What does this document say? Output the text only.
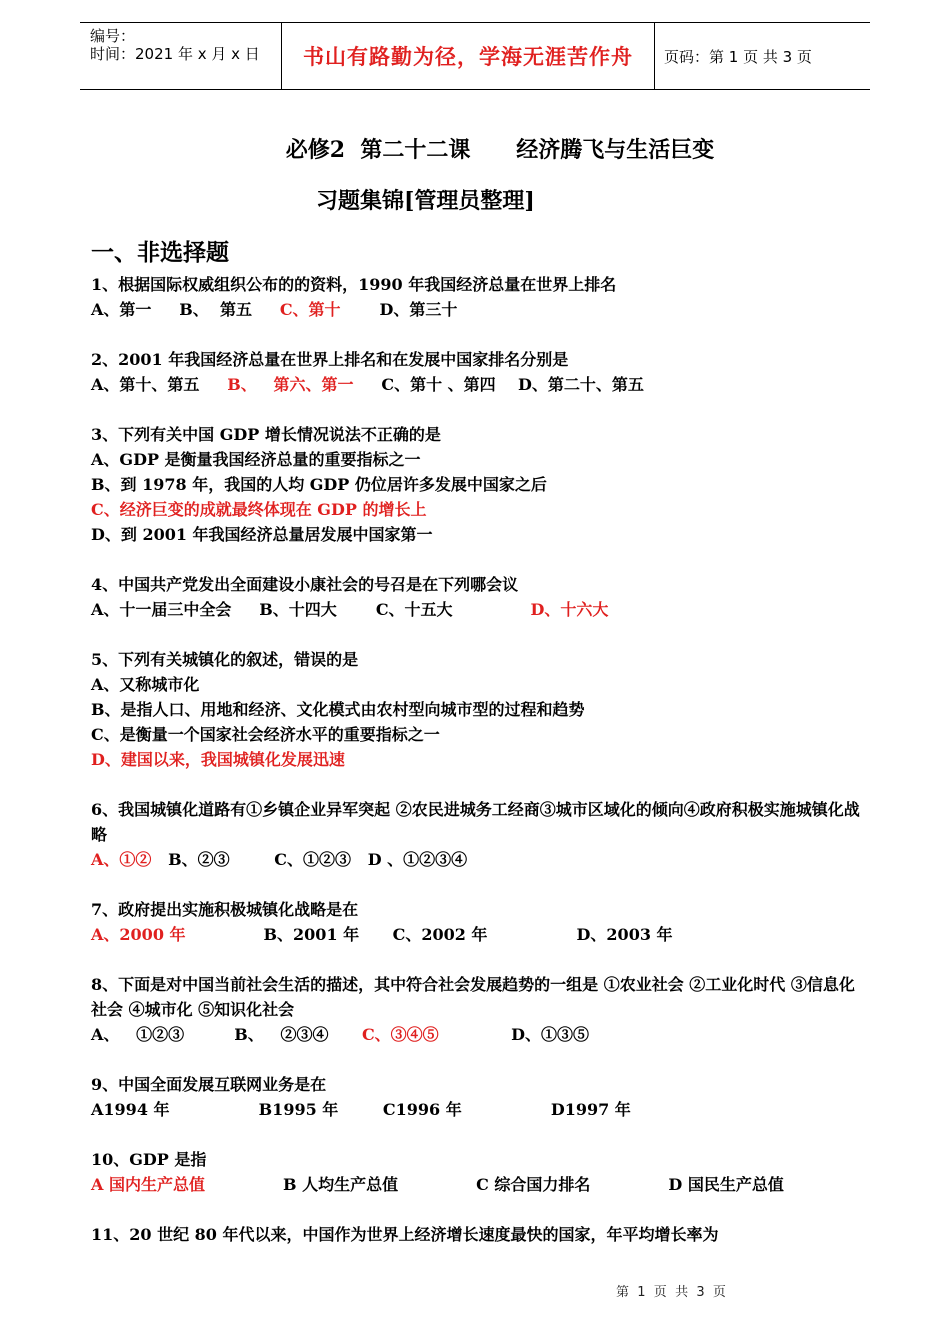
编号：
时间：2021 年 x 月 x 日	书山有路勤为径，学海无涯苦作舟 页码：第 1 页 共 3 页
必修2  第二十二课      经济腾飞与生活巨变
习题集锦[管理员整理]
一、非选择题
1、根据国际权威组织公布的的资料，1990 年我国经济总量在世界上排名
A、第一     B、  第五     C、第十       D、第三十
2、2001 年我国经济总量在世界上排名和在发展中国家排名分别是
A、第十、第五     B、   第六、第一     C、第十 、第四    D、第二十、第五
3、下列有关中国 GDP 增长情况说法不正确的是
A、GDP 是衡量我国经济总量的重要指标之一
B、到 1978 年，我国的人均 GDP 仍位居许多发展中国家之后
C、经济巨变的成就最终体现在 GDP 的增长上
D、到 2001 年我国经济总量居发展中国家第一
4、中国共产党发出全面建设小康社会的号召是在下列哪会议
A、十一届三中全会     B、十四大       C、十五大              D、十六大
5、下列有关城镇化的叙述，错误的是
A、又称城市化
B、是指人口、用地和经济、文化模式由农村型向城市型的过程和趋势
C、是衡量一个国家社会经济水平的重要指标之一
D、建国以来，我国城镇化发展迅速
6、我国城镇化道路有①乡镇企业异军突起 ②农民进城务工经商③城市区域化的倾向④政府积极实施城镇化战略
A、①②   B、②③        C、①②③   D 、①②③④
7、政府提出实施积极城镇化战略是在
A、2000 年              B、2001 年      C、2002 年                D、2003 年
8、下面是对中国当前社会生活的描述，其中符合社会发展趋势的一组是 ①农业社会 ②工业化时代 ③信息化社会 ④城市化 ⑤知识化社会
A、   ①②③         B、   ②③④      C、③④⑤             D、①③⑤
9、中国全面发展互联网业务是在
A1994 年                B1995 年        C1996 年                D1997 年
10、GDP 是指
A 国内生产总值              B 人均生产总值              C 综合国力排名              D 国民生产总值
11、20 世纪 80 年代以来，中国作为世界上经济增长速度最快的国家，年平均增长率为
第  1  页  共  3  页
